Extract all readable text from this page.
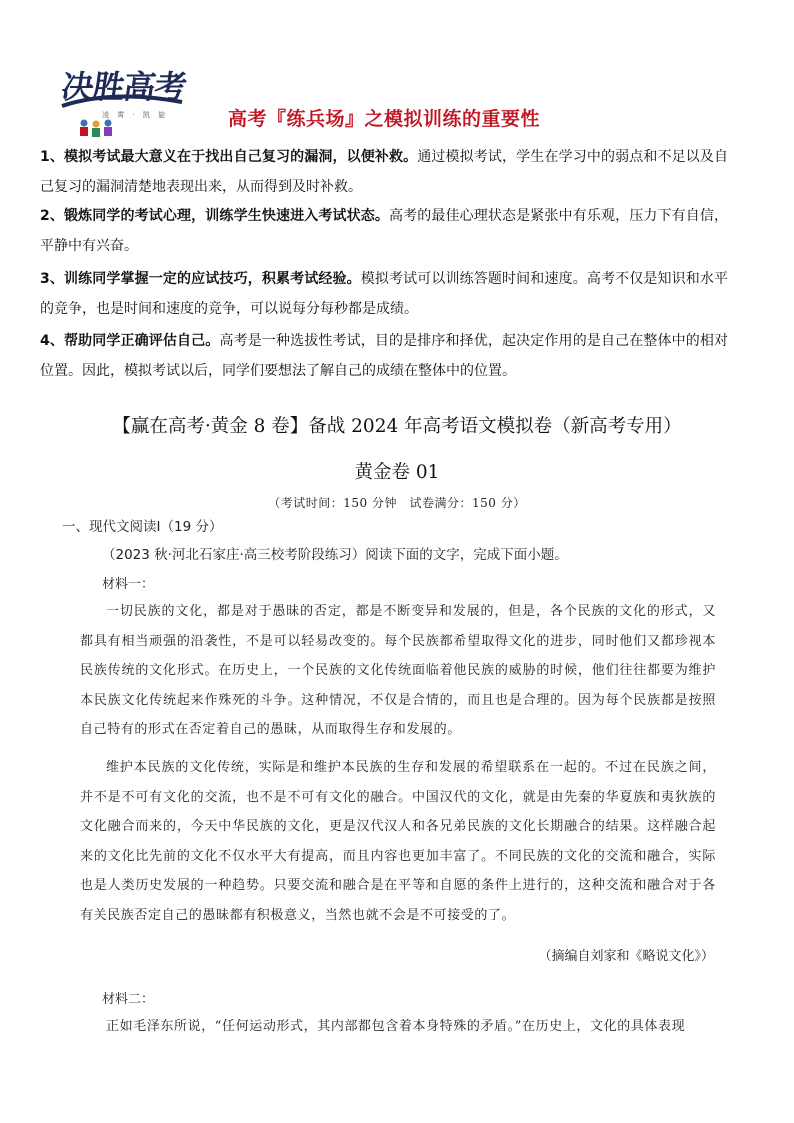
决胜高考
凌 霄 · 凯 旋	高考『练兵场』之模拟训练的重要性
1、模拟考试最大意义在于找出自己复习的漏洞，以便补救。通过模拟考试，学生在学习中的弱点和不足以及自己复习的漏洞清楚地表现出来，从而得到及时补救。
2、锻炼同学的考试心理，训练学生快速进入考试状态。高考的最佳心理状态是紧张中有乐观，压力下有自信，平静中有兴奋。
3、训练同学掌握一定的应试技巧，积累考试经验。模拟考试可以训练答题时间和速度。高考不仅是知识和水平的竞争，也是时间和速度的竞争，可以说每分每秒都是成绩。
4、帮助同学正确评估自己。高考是一种选拔性考试，目的是排序和择优，起决定作用的是自己在整体中的相对位置。因此，模拟考试以后，同学们要想法了解自己的成绩在整体中的位置。
【赢在高考·黄金 8 卷】备战 2024 年高考语文模拟卷（新高考专用）
黄金卷 01
（考试时间：150 分钟　试卷满分：150 分）
一、现代文阅读Ⅰ（19 分）
（2023 秋·河北石家庄·高三校考阶段练习）阅读下面的文字，完成下面小题。
材料一：
一切民族的文化，都是对于愚昧的否定，都是不断变异和发展的，但是，各个民族的文化的形式，又都具有相当顽强的沿袭性，不是可以轻易改变的。每个民族都希望取得文化的进步，同时他们又都珍视本民族传统的文化形式。在历史上，一个民族的文化传统面临着他民族的威胁的时候，他们往往都要为维护本民族文化传统起来作殊死的斗争。这种情况，不仅是合情的，而且也是合理的。因为每个民族都是按照自己特有的形式在否定着自己的愚昧，从而取得生存和发展的。
维护本民族的文化传统，实际是和维护本民族的生存和发展的希望联系在一起的。不过在民族之间，并不是不可有文化的交流，也不是不可有文化的融合。中国汉代的文化，就是由先秦的华夏族和夷狄族的文化融合而来的，今天中华民族的文化，更是汉代汉人和各兄弟民族的文化长期融合的结果。这样融合起来的文化比先前的文化不仅水平大有提高，而且内容也更加丰富了。不同民族的文化的交流和融合，实际也是人类历史发展的一种趋势。只要交流和融合是在平等和自愿的条件上进行的，这种交流和融合对于各有关民族否定自己的愚昧都有积极意义，当然也就不会是不可接受的了。
（摘编自刘家和《略说文化》）
材料二：
正如毛泽东所说，“任何运动形式，其内部都包含着本身特殊的矛盾。”在历史上，文化的具体表现
